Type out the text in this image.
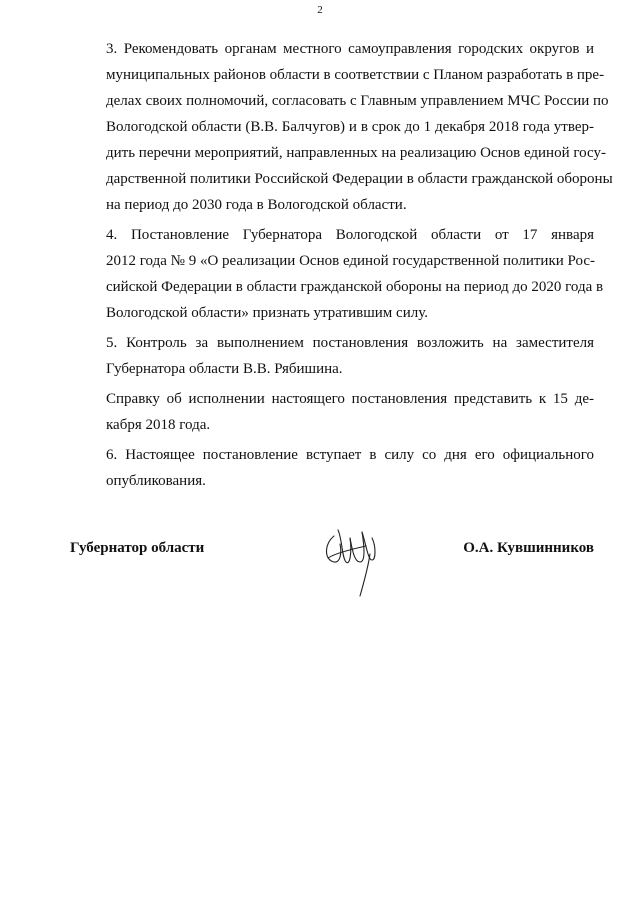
2

3. Рекомендовать органам местного самоуправления городских округов и
муниципальных районов области в соответствии с Планом разработать в пре-
делах своих полномочий, согласовать с Главным управлением МЧС России по
Вологодской области (В.В. Балчугов) и в срок до 1 декабря 2018 года утвер-
дить перечни мероприятий, направленных на реализацию Основ единой госу-
дарственной политики Российской Федерации в области гражданской обороны
на период до 2030 года в Вологодской области.

4. Постановление Губернатора Вологодской области от 17 января
2012 года № 9 «О реализации Основ единой государственной политики Рос-
сийской Федерации в области гражданской обороны на период до 2020 года в
Вологодской области» признать утратившим силу.

5. Контроль за выполнением постановления возложить на заместителя
Губернатора области В.В. Рябишина.

Справку об исполнении настоящего постановления представить к 15 де-
кабря 2018 года.

6. Настоящее постановление вступает в силу со дня его официального
опубликования.

Губернатор области	О.А. Кувшинников
